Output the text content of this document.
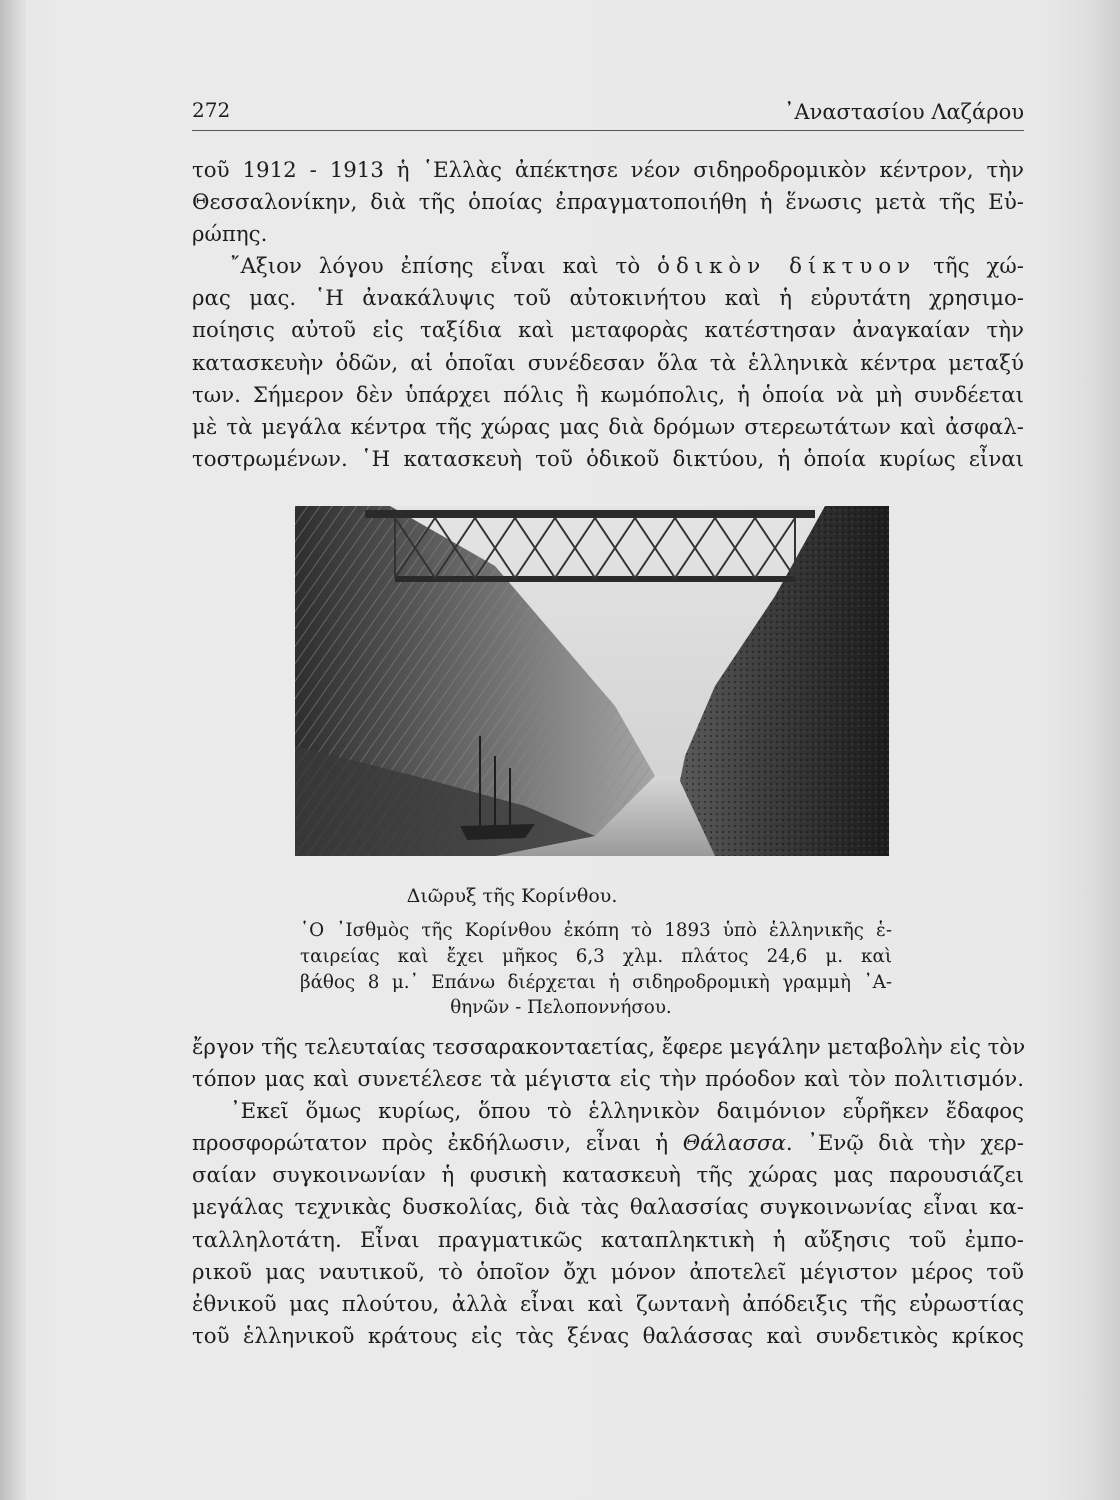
272	᾿Αναστασίου Λαζάρου
τοῦ 1912 - 1913 ἡ ῾Ελλὰς ἀπέκτησε νέον σιδηροδρομικὸν κέντρον, τὴν
Θεσσαλονίκην, διὰ τῆς ὁποίας ἐπραγματοποιήθη ἡ ἕνωσις μετὰ τῆς Εὐ-
ρώπης.
῎Αξιον λόγου ἐπίσης εἶναι καὶ τὸ ὁδικὸν δίκτυον τῆς χώ-
ρας μας. ῾Η ἀνακάλυψις τοῦ αὐτοκινήτου καὶ ἡ εὐρυτάτη χρησιμο-
ποίησις αὐτοῦ εἰς ταξίδια καὶ μεταφορὰς κατέστησαν ἀναγκαίαν τὴν
κατασκευὴν ὁδῶν, αἱ ὁποῖαι συνέδεσαν ὅλα τὰ ἑλληνικὰ κέντρα μεταξύ
των. Σήμερον δὲν ὑπάρχει πόλις ἢ κωμόπολις, ἡ ὁποία νὰ μὴ συνδέεται
μὲ τὰ μεγάλα κέντρα τῆς χώρας μας διὰ δρόμων στερεωτάτων καὶ ἀσφαλ-
τοστρωμένων. ῾Η κατασκευὴ τοῦ ὁδικοῦ δικτύου, ἡ ὁποία κυρίως εἶναι
Διῶρυξ τῆς Κορίνθου.
῾Ο ᾿Ισθμὸς τῆς Κορίνθου ἐκόπη τὸ 1893 ὑπὸ ἑλληνικῆς ἑ-
ταιρείας καὶ ἔχει μῆκος 6,3 χλμ. πλάτος 24,6 μ. καὶ
βάθος 8 μ.᾿ Επάνω διέρχεται ἡ σιδηροδρομικὴ γραμμὴ ᾿Α-
θηνῶν - Πελοποννήσου.
ἔργον τῆς τελευταίας τεσσαρακονταετίας, ἔφερε μεγάλην μεταβολὴν εἰς τὸν
τόπον μας καὶ συνετέλεσε τὰ μέγιστα εἰς τὴν πρόοδον καὶ τὸν πολιτισμόν.
᾿Εκεῖ ὅμως κυρίως, ὅπου τὸ ἑλληνικὸν δαιμόνιον εὗρῆκεν ἔδαφος
προσφορώτατον πρὸς ἐκδήλωσιν, εἶναι ἡ Θάλασσα. ᾿Ενῷ διὰ τὴν χερ-
σαίαν συγκοινωνίαν ἡ φυσικὴ κατασκευὴ τῆς χώρας μας παρουσιάζει
μεγάλας τεχνικὰς δυσκολίας, διὰ τὰς θαλασσίας συγκοινωνίας εἶναι κα-
ταλληλοτάτη. Εἶναι πραγματικῶς καταπληκτικὴ ἡ αὔξησις τοῦ ἐμπο-
ρικοῦ μας ναυτικοῦ, τὸ ὁποῖον ὄχι μόνον ἀποτελεῖ μέγιστον μέρος τοῦ
ἐθνικοῦ μας πλούτου, ἀλλὰ εἶναι καὶ ζωντανὴ ἀπόδειξις τῆς εὐρωστίας
τοῦ ἑλληνικοῦ κράτους εἰς τὰς ξένας θαλάσσας καὶ συνδετικὸς κρίκος
